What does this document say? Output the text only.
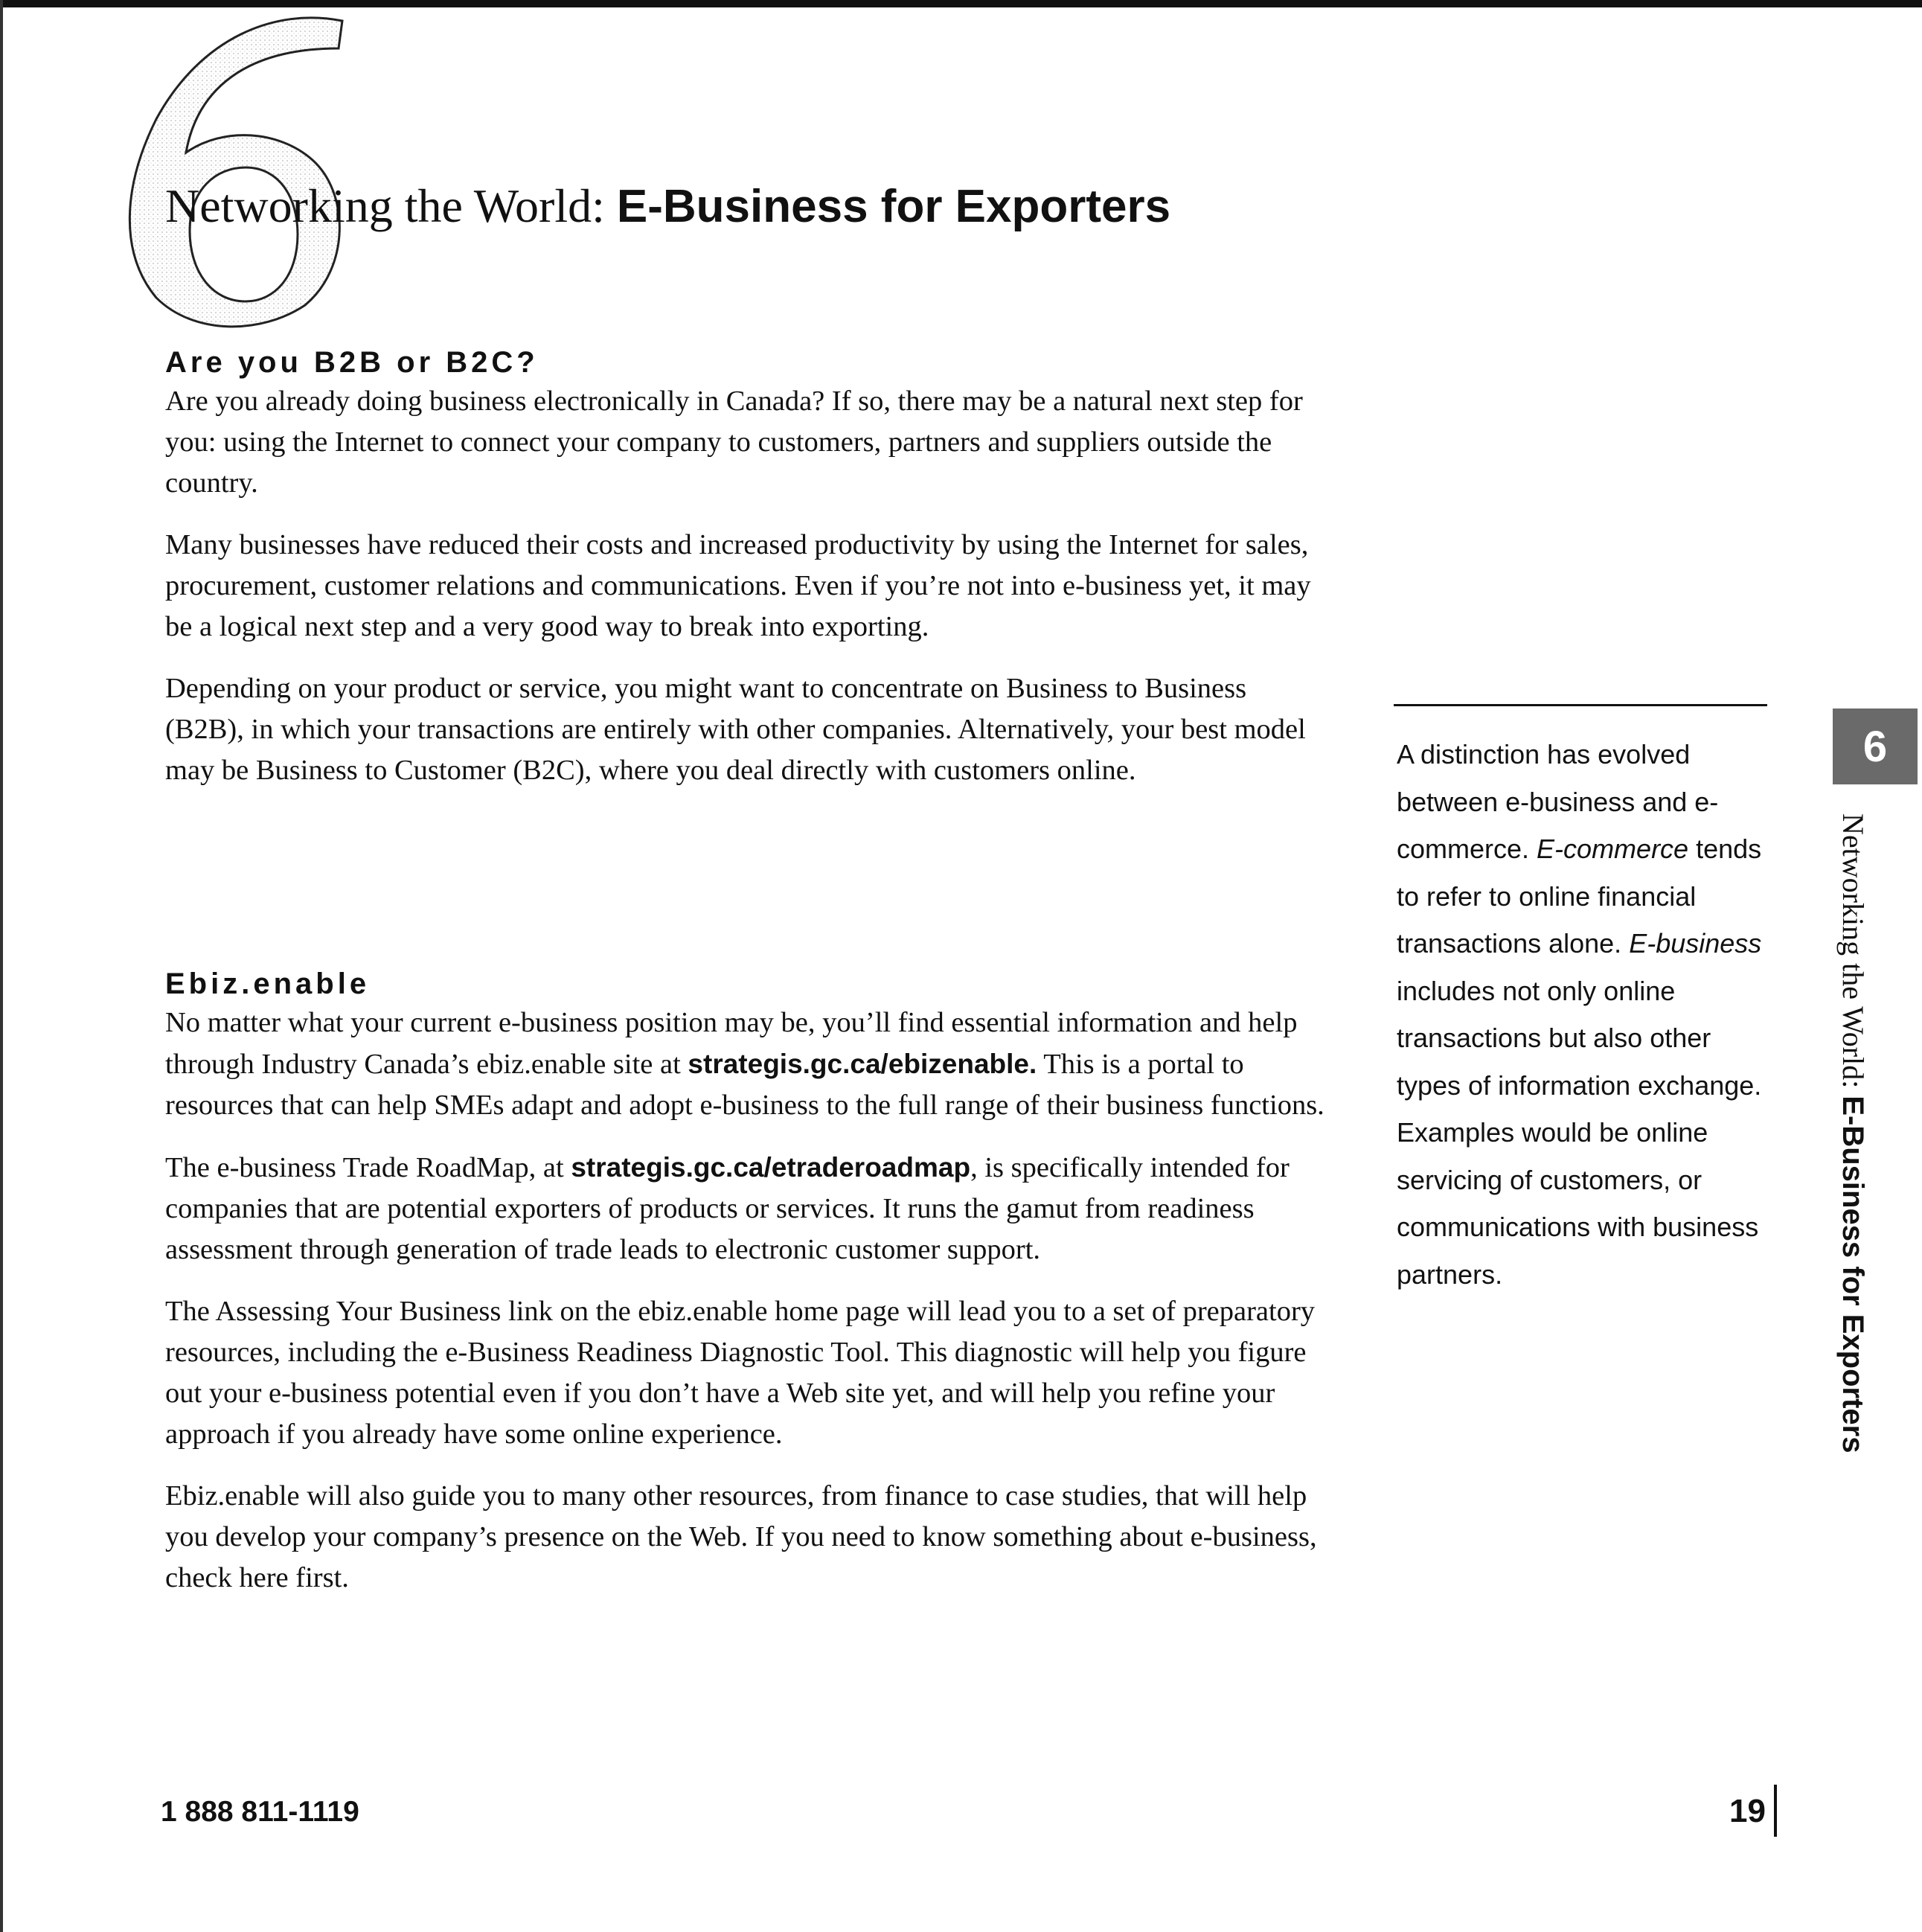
Networking the World: E-Business for Exporters
Are you B2B or B2C?

Are you already doing business electronically in Canada? If so, there may be a natural next step for you: using the Internet to connect your company to customers, partners and suppliers outside the country.

Many businesses have reduced their costs and increased productivity by using the Internet for sales, procurement, customer relations and communications. Even if you’re not into e-business yet, it may be a logical next step and a very good way to break into exporting.

Depending on your product or service, you might want to concentrate on Business to Business (B2B), in which your transactions are entirely with other companies. Alternatively, your best model may be Business to Customer (B2C), where you deal directly with customers online.

Ebiz.enable

No matter what your current e-business position may be, you’ll find essential information and help through Industry Canada’s ebiz.enable site at strategis.gc.ca/ebizenable. This is a portal to resources that can help SMEs adapt and adopt e-business to the full range of their business functions.

The e-business Trade RoadMap, at strategis.gc.ca/etraderoadmap, is specifically intended for companies that are potential exporters of products or services. It runs the gamut from readiness assessment through generation of trade leads to electronic customer support.

The Assessing Your Business link on the ebiz.enable home page will lead you to a set of preparatory resources, including the e-Business Readiness Diagnostic Tool. This diagnostic will help you figure out your e-business potential even if you don’t have a Web site yet, and will help you refine your approach if you already have some online experience.

Ebiz.enable will also guide you to many other resources, from finance to case studies, that will help you develop your company’s presence on the Web. If you need to know something about e-business, check here first.

A distinction has evolved between e-business and e-commerce. E-commerce tends to refer to online financial transactions alone. E-business includes not only online transactions but also other types of information exchange. Examples would be online servicing of customers, or communications with business partners.

6
Networking the World: E-Business for Exporters

1 888 811-1119	19
